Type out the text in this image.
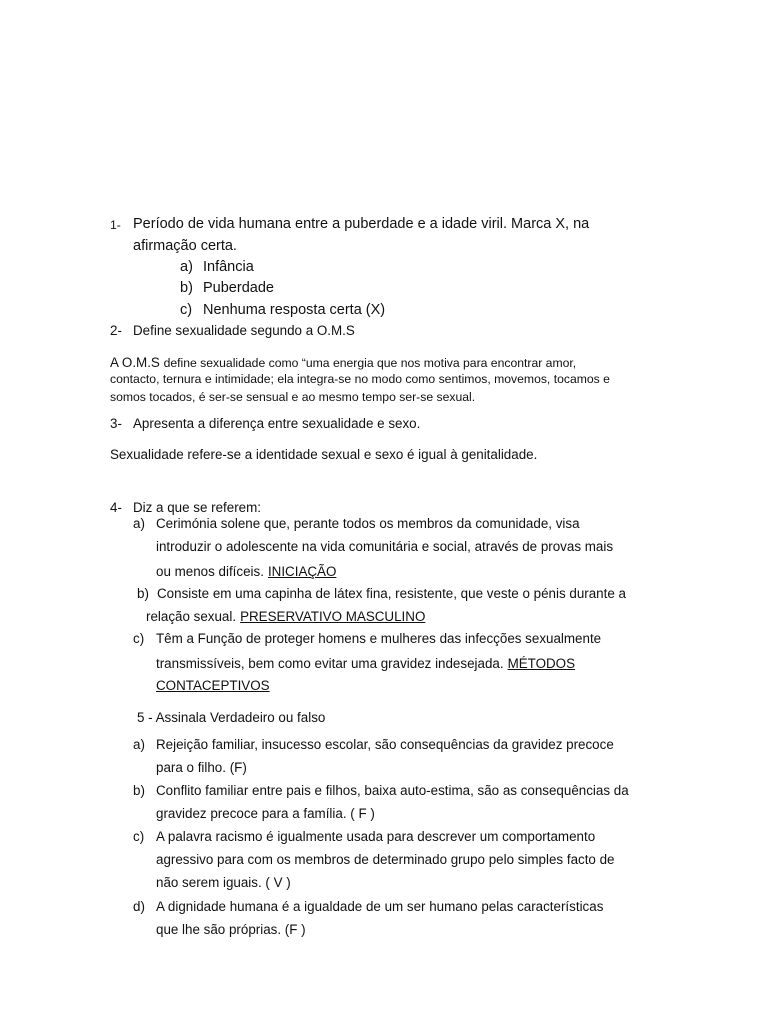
1- Período de vida humana entre a puberdade e a idade viril. Marca X, na
afirmação certa.
a) Infância
b) Puberdade
c) Nenhuma resposta certa (X)
2- Define sexualidade segundo a O.M.S
A O.M.S define sexualidade como “uma energia que nos motiva para encontrar amor,
contacto, ternura e intimidade; ela integra-se no modo como sentimos, movemos, tocamos e
somos tocados, é ser-se sensual e ao mesmo tempo ser-se sexual.
3- Apresenta a diferença entre sexualidade e sexo.
Sexualidade refere-se a identidade sexual e sexo é igual à genitalidade.
4- Diz a que se referem:
a) Cerimónia solene que, perante todos os membros da comunidade, visa
introduzir o adolescente na vida comunitária e social, através de provas mais
ou menos difíceis. INICIAÇÃO
b) Consiste em uma capinha de látex fina, resistente, que veste o pénis durante a
relação sexual. PRESERVATIVO MASCULINO
c) Têm a Função de proteger homens e mulheres das infecções sexualmente
transmissíveis, bem como evitar uma gravidez indesejada. MÉTODOS
CONTACEPTIVOS
5 - Assinala Verdadeiro ou falso
a) Rejeição familiar, insucesso escolar, são consequências da gravidez precoce
para o filho. (F)
b) Conflito familiar entre pais e filhos, baixa auto-estima, são as consequências da
gravidez precoce para a família. ( F )
c) A palavra racismo é igualmente usada para descrever um comportamento
agressivo para com os membros de determinado grupo pelo simples facto de
não serem iguais. ( V )
d) A dignidade humana é a igualdade de um ser humano pelas características
que lhe são próprias. (F )
